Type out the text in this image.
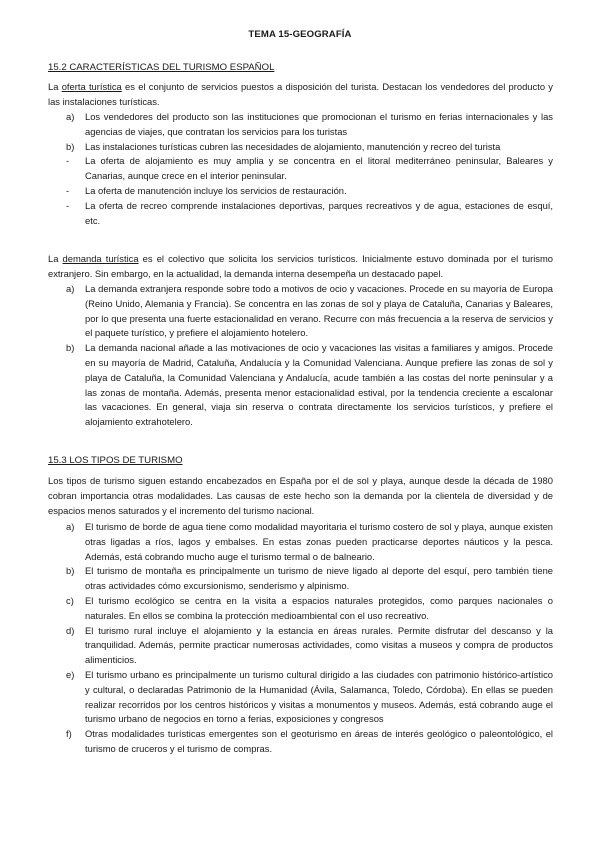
TEMA 15-GEOGRAFÍA
15.2 CARACTERÍSTICAS DEL TURISMO ESPAÑOL

La oferta turística es el conjunto de servicios puestos a disposición del turista. Destacan los vendedores del producto y las instalaciones turísticas.

a) Los vendedores del producto son las instituciones que promocionan el turismo en ferias internacionales y las agencias de viajes, que contratan los servicios para los turistas
b) Las instalaciones turísticas cubren las necesidades de alojamiento, manutención y recreo del turista
- La oferta de alojamiento es muy amplia y se concentra en el litoral mediterráneo peninsular, Baleares y Canarias, aunque crece en el interior peninsular.
- La oferta de manutención incluye los servicios de restauración.
- La oferta de recreo comprende instalaciones deportivas, parques recreativos y de agua, estaciones de esquí, etc.

La demanda turística es el colectivo que solicita los servicios turísticos. Inicialmente estuvo dominada por el turismo extranjero. Sin embargo, en la actualidad, la demanda interna desempeña un destacado papel.

a) La demanda extranjera responde sobre todo a motivos de ocio y vacaciones. Procede en su mayoría de Europa (Reino Unido, Alemania y Francia). Se concentra en las zonas de sol y playa de Cataluña, Canarias y Baleares, por lo que presenta una fuerte estacionalidad en verano. Recurre con más frecuencia a la reserva de servicios y el paquete turístico, y prefiere el alojamiento hotelero.
b) La demanda nacional añade a las motivaciones de ocio y vacaciones las visitas a familiares y amigos. Procede en su mayoría de Madrid, Cataluña, Andalucía y la Comunidad Valenciana. Aunque prefiere las zonas de sol y playa de Cataluña, la Comunidad Valenciana y Andalucía, acude también a las costas del norte peninsular y a las zonas de montaña. Además, presenta menor estacionalidad estival, por la tendencia creciente a escalonar las vacaciones. En general, viaja sin reserva o contrata directamente los servicios turísticos, y prefiere el alojamiento extrahotelero.
15.3 LOS TIPOS DE TURISMO

Los tipos de turismo siguen estando encabezados en España por el de sol y playa, aunque desde la década de 1980 cobran importancia otras modalidades. Las causas de este hecho son la demanda por la clientela de diversidad y de espacios menos saturados y el incremento del turismo nacional.

a) El turismo de borde de agua tiene como modalidad mayoritaria el turismo costero de sol y playa, aunque existen otras ligadas a ríos, lagos y embalses. En estas zonas pueden practicarse deportes náuticos y la pesca. Además, está cobrando mucho auge el turismo termal o de balneario.
b) El turismo de montaña es principalmente un turismo de nieve ligado al deporte del esquí, pero también tiene otras actividades cómo excursionismo, senderismo y alpinismo.
c) El turismo ecológico se centra en la visita a espacios naturales protegidos, como parques nacionales o naturales. En ellos se combina la protección medioambiental con el uso recreativo.
d) El turismo rural incluye el alojamiento y la estancia en áreas rurales. Permite disfrutar del descanso y la tranquilidad. Además, permite practicar numerosas actividades, como visitas a museos y compra de productos alimenticios.
e) El turismo urbano es principalmente un turismo cultural dirigido a las ciudades con patrimonio histórico-artístico y cultural, o declaradas Patrimonio de la Humanidad (Ávila, Salamanca, Toledo, Córdoba). En ellas se pueden realizar recorridos por los centros históricos y visitas a monumentos y museos. Además, está cobrando auge el turismo urbano de negocios en torno a ferias, exposiciones y congresos
f) Otras modalidades turísticas emergentes son el geoturismo en áreas de interés geológico o paleontológico, el turismo de cruceros y el turismo de compras.
